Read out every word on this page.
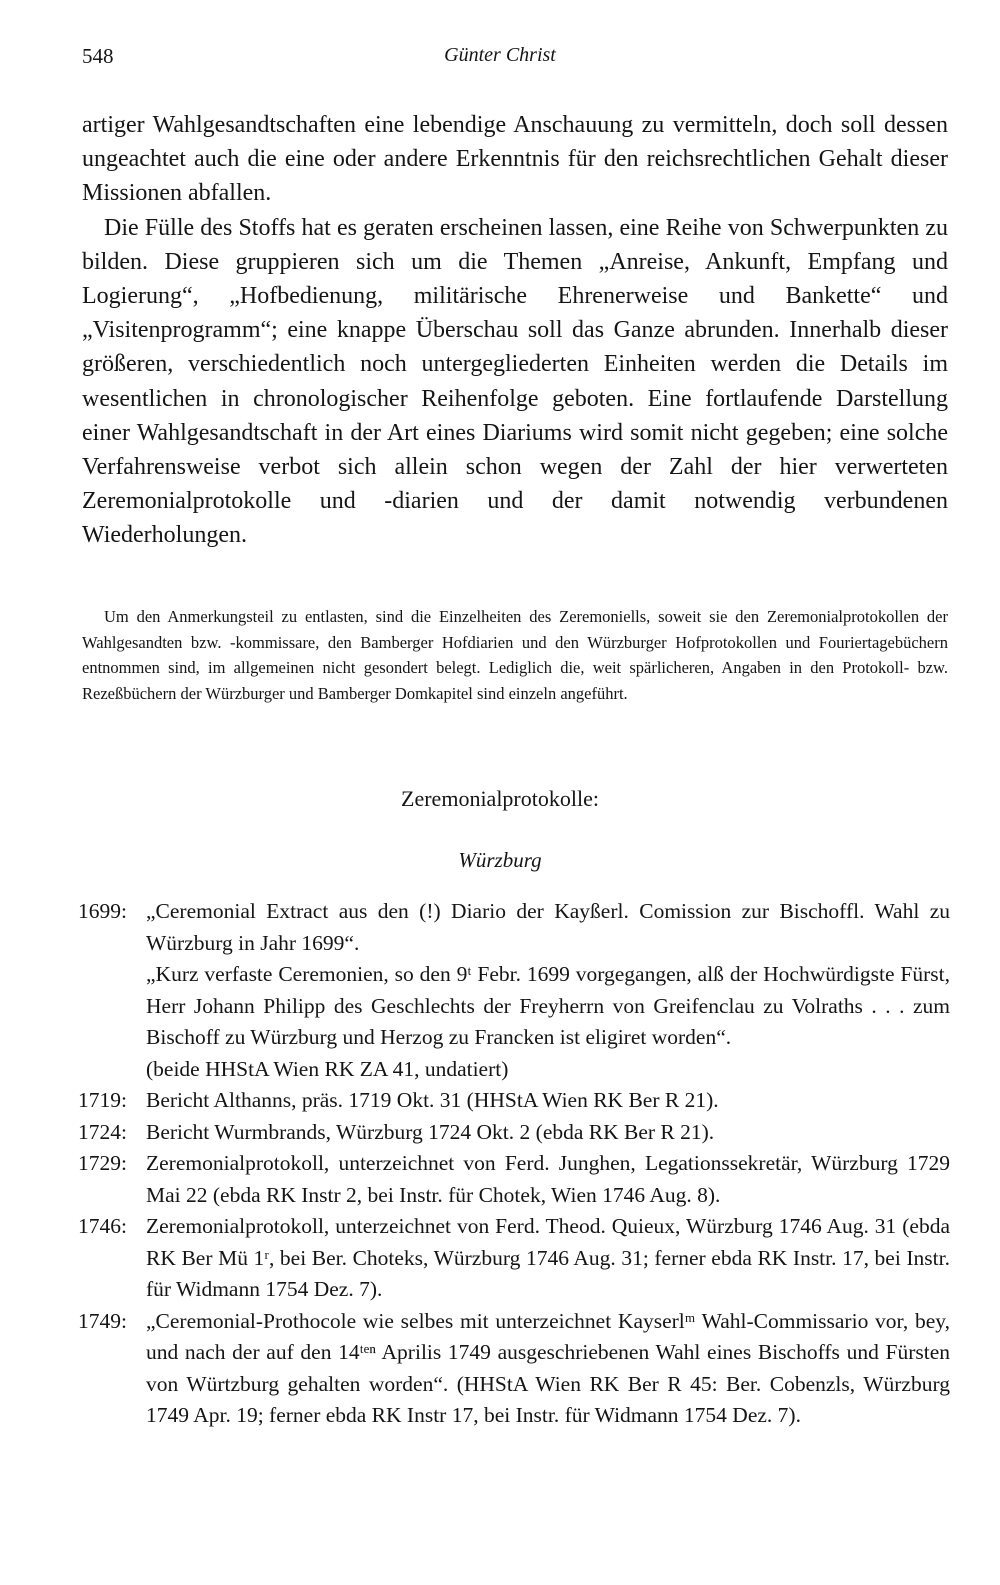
548	Günter Christ

artiger Wahlgesandtschaften eine lebendige Anschauung zu vermitteln, doch soll dessen ungeachtet auch die eine oder andere Erkenntnis für den reichsrechtlichen Gehalt dieser Missionen abfallen.

Die Fülle des Stoffs hat es geraten erscheinen lassen, eine Reihe von Schwerpunkten zu bilden. Diese gruppieren sich um die Themen „Anreise, Ankunft, Empfang und Logierung“, „Hofbedienung, militärische Ehrenerweise und Bankette“ und „Visitenprogramm“; eine knappe Überschau soll das Ganze abrunden. Innerhalb dieser größeren, verschiedentlich noch untergegliederten Einheiten werden die Details im wesentlichen in chronologischer Reihenfolge geboten. Eine fortlaufende Darstellung einer Wahlgesandtschaft in der Art eines Diariums wird somit nicht gegeben; eine solche Verfahrensweise verbot sich allein schon wegen der Zahl der hier verwerteten Zeremonialprotokolle und -diarien und der damit notwendig verbundenen Wiederholungen.

Um den Anmerkungsteil zu entlasten, sind die Einzelheiten des Zeremoniells, soweit sie den Zeremonialprotokollen der Wahlgesandten bzw. -kommissare, den Bamberger Hofdiarien und den Würzburger Hofprotokollen und Fouriertagebüchern entnommen sind, im allgemeinen nicht gesondert belegt. Lediglich die, weit spärlicheren, Angaben in den Protokoll- bzw. Rezeßbüchern der Würzburger und Bamberger Domkapitel sind einzeln angeführt.

Zeremonialprotokolle:
Würzburg
1699: „Ceremonial Extract aus den (!) Diario der Kayßerl. Comission zur Bischoffl. Wahl zu Würzburg in Jahr 1699“.

„Kurz verfaste Ceremonien, so den 9ᵗ Febr. 1699 vorgegangen, alß der Hochwürdigste Fürst, Herr Johann Philipp des Geschlechts der Freyherrn von Greifenclau zu Volraths . . . zum Bischoff zu Würzburg und Herzog zu Francken ist eligiret worden“.

(beide HHStA Wien RK ZA 41, undatiert)

1719: Bericht Althanns, präs. 1719 Okt. 31 (HHStA Wien RK Ber R 21).

1724: Bericht Wurmbrands, Würzburg 1724 Okt. 2 (ebda RK Ber R 21).

1729: Zeremonialprotokoll, unterzeichnet von Ferd. Junghen, Legationssekretär, Würzburg 1729 Mai 22 (ebda RK Instr 2, bei Instr. für Chotek, Wien 1746 Aug. 8).

1746: Zeremonialprotokoll, unterzeichnet von Ferd. Theod. Quieux, Würzburg 1746 Aug. 31 (ebda RK Ber Mü 1ʳ, bei Ber. Choteks, Würzburg 1746 Aug. 31; ferner ebda RK Instr. 17, bei Instr. für Widmann 1754 Dez. 7).

1749: „Ceremonial-Prothocole wie selbes mit unterzeichnet Kayserlᵐ Wahl-Commissario vor, bey, und nach der auf den 14ᵗᵉⁿ Aprilis 1749 ausgeschriebenen Wahl eines Bischoffs und Fürsten von Würtzburg gehalten worden“. (HHStA Wien RK Ber R 45: Ber. Cobenzls, Würzburg 1749 Apr. 19; ferner ebda RK Instr 17, bei Instr. für Widmann 1754 Dez. 7).
